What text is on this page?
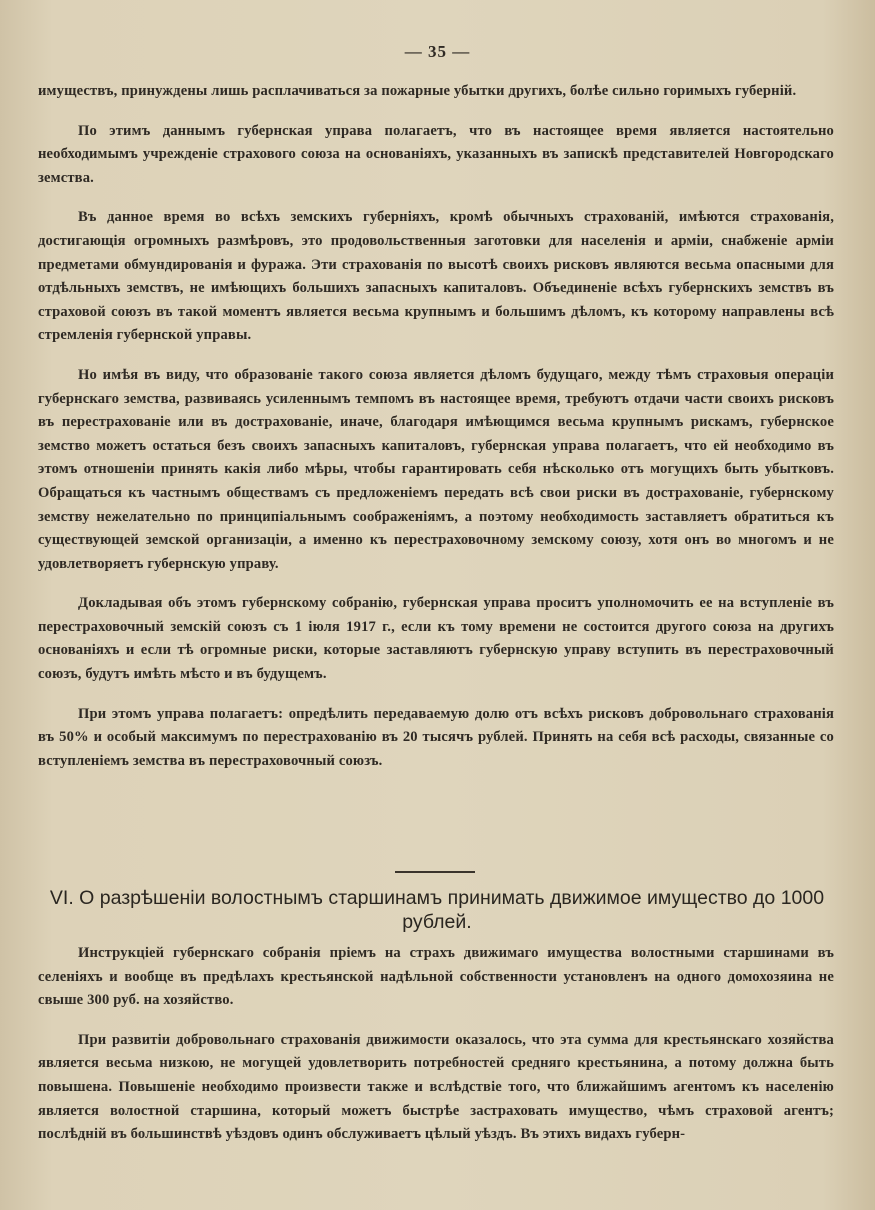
— 35 —

имуществъ, принуждены лишь расплачиваться за пожарные убытки другихъ, болѣе сильно горимыхъ губерній.

По этимъ даннымъ губернская управа полагаетъ, что въ настоящее время является настоятельно необходимымъ учрежденіе страхового союза на основаніяхъ, указанныхъ въ запискѣ представителей Новгородскаго земства.

Въ данное время во всѣхъ земскихъ губерніяхъ, кромѣ обычныхъ страхованій, имѣются страхованія, достигающія огромныхъ размѣровъ, это продовольственныя заготовки для населенія и арміи, снабженіе арміи предметами обмундированія и фуража. Эти страхованія по высотѣ своихъ рисковъ являются весьма опасными для отдѣльныхъ земствъ, не имѣющихъ большихъ запасныхъ капиталовъ. Объединеніе всѣхъ губернскихъ земствъ въ страховой союзъ въ такой моментъ является весьма крупнымъ и большимъ дѣломъ, къ которому направлены всѣ стремленія губернской управы.

Но имѣя въ виду, что образованіе такого союза является дѣломъ будущаго, между тѣмъ страховыя операціи губернскаго земства, развиваясь усиленнымъ темпомъ въ настоящее время, требуютъ отдачи части своихъ рисковъ въ перестрахованіе или въ дострахованіе, иначе, благодаря имѣющимся весьма крупнымъ рискамъ, губернское земство можетъ остаться безъ своихъ запасныхъ капиталовъ, губернская управа полагаетъ, что ей необходимо въ этомъ отношеніи принять какія либо мѣры, чтобы гарантировать себя нѣсколько отъ могущихъ быть убытковъ. Обращаться къ частнымъ обществамъ съ предложеніемъ передать всѣ свои риски въ дострахованіе, губернскому земству нежелательно по принципіальнымъ соображеніямъ, а поэтому необходимость заставляетъ обратиться къ существующей земской организаціи, а именно къ перестраховочному земскому союзу, хотя онъ во многомъ и не удовлетворяетъ губернскую управу.

Докладывая объ этомъ губернскому собранію, губернская управа проситъ уполномочить ее на вступленіе въ перестраховочный земскій союзъ съ 1 іюля 1917 г., если къ тому времени не состоится другого союза на другихъ основаніяхъ и если тѣ огромные риски, которые заставляютъ губернскую управу вступить въ перестраховочный союзъ, будутъ имѣть мѣсто и въ будущемъ.

При этомъ управа полагаетъ: опредѣлить передаваемую долю отъ всѣхъ рисковъ добровольнаго страхованія въ 50% и особый максимумъ по перестрахованію въ 20 тысячъ рублей. Принять на себя всѣ расходы, связанные со вступленіемъ земства въ перестраховочный союзъ.

VI. О разрѣшеніи волостнымъ старшинамъ принимать движимое имущество до 1000 рублей.

Инструкціей губернскаго собранія пріемъ на страхъ движимаго имущества волостными старшинами въ селеніяхъ и вообще въ предѣлахъ крестьянской надѣльной собственности установленъ на одного домохозяина не свыше 300 руб. на хозяйство.

При развитіи добровольнаго страхованія движимости оказалось, что эта сумма для крестьянскаго хозяйства является весьма низкою, не могущей удовлетворить потребностей средняго крестьянина, а потому должна быть повышена. Повышеніе необходимо произвести также и вслѣдствіе того, что ближайшимъ агентомъ къ населенію является волостной старшина, который можетъ быстрѣе застраховать имущество, чѣмъ страховой агентъ; послѣдній въ большинствѣ уѣздовъ одинъ обслуживаетъ цѣлый уѣздъ. Въ этихъ видахъ губерн-
